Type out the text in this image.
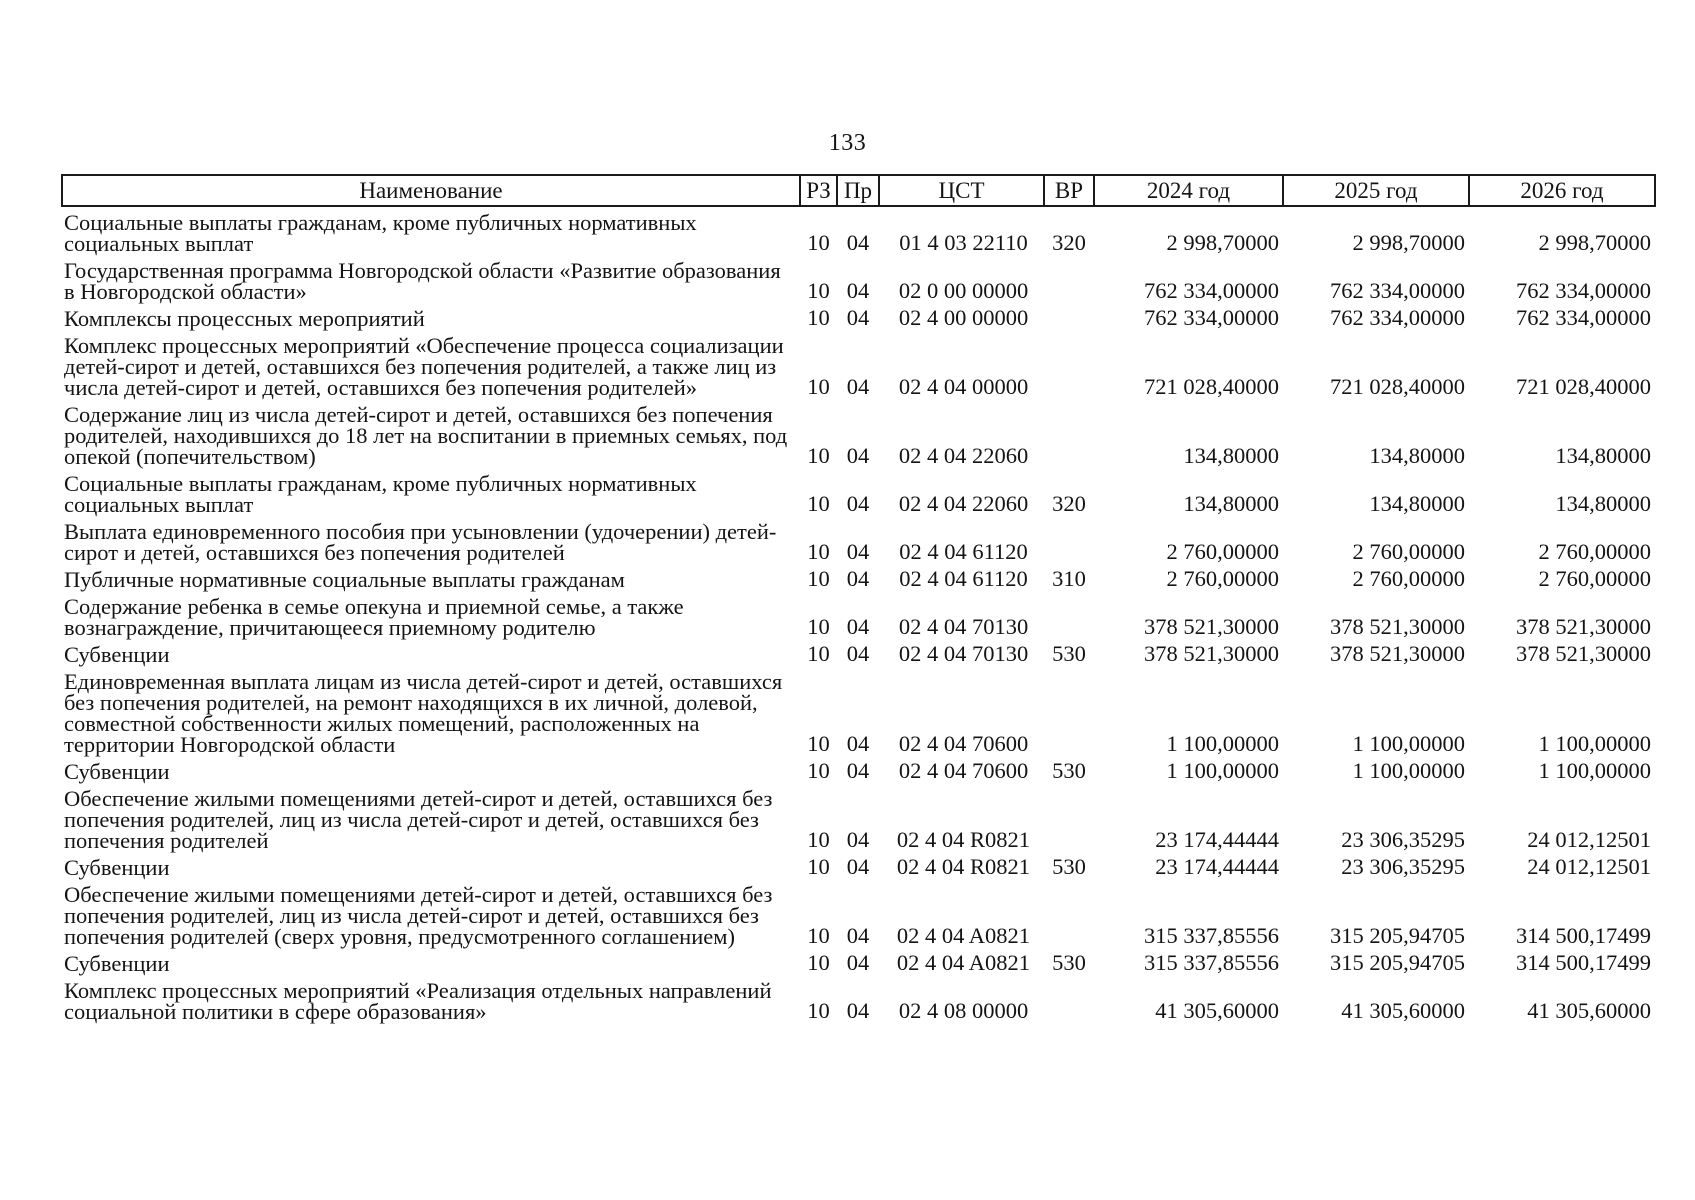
133
Наименование	РЗ	Пр	ЦСТ	ВР	2024 год	2025 год	2026 год
Социальные выплаты гражданам, кроме публичных нормативных социальных выплат	10	04	01 4 03 22110	320	2 998,70000	2 998,70000	2 998,70000
Государственная программа Новгородской области «Развитие образования в Новгородской области»	10	04	02 0 00 00000		762 334,00000	762 334,00000	762 334,00000
Комплексы процессных мероприятий	10	04	02 4 00 00000		762 334,00000	762 334,00000	762 334,00000
Комплекс процессных мероприятий «Обеспечение процесса социализации детей-сирот и детей, оставшихся без попечения родителей, а также лиц из числа детей-сирот и детей, оставшихся без попечения родителей»	10	04	02 4 04 00000		721 028,40000	721 028,40000	721 028,40000
Содержание лиц из числа детей-сирот и детей, оставшихся без попечения родителей, находившихся до 18 лет на воспитании в приемных семьях, под опекой (попечительством)	10	04	02 4 04 22060		134,80000	134,80000	134,80000
Социальные выплаты гражданам, кроме публичных нормативных социальных выплат	10	04	02 4 04 22060	320	134,80000	134,80000	134,80000
Выплата единовременного пособия при усыновлении (удочерении) детей-сирот и детей, оставшихся без попечения родителей	10	04	02 4 04 61120		2 760,00000	2 760,00000	2 760,00000
Публичные нормативные социальные выплаты гражданам	10	04	02 4 04 61120	310	2 760,00000	2 760,00000	2 760,00000
Содержание ребенка в семье опекуна и приемной семье, а также вознаграждение, причитающееся приемному родителю	10	04	02 4 04 70130		378 521,30000	378 521,30000	378 521,30000
Субвенции	10	04	02 4 04 70130	530	378 521,30000	378 521,30000	378 521,30000
Единовременная выплата лицам из числа детей-сирот и детей, оставшихся без попечения родителей, на ремонт находящихся в их личной, долевой, совместной собственности жилых помещений, расположенных на территории Новгородской области	10	04	02 4 04 70600		1 100,00000	1 100,00000	1 100,00000
Субвенции	10	04	02 4 04 70600	530	1 100,00000	1 100,00000	1 100,00000
Обеспечение жилыми помещениями детей-сирот и детей, оставшихся без попечения родителей, лиц из числа детей-сирот и детей, оставшихся без попечения родителей	10	04	02 4 04 R0821		23 174,44444	23 306,35295	24 012,12501
Субвенции	10	04	02 4 04 R0821	530	23 174,44444	23 306,35295	24 012,12501
Обеспечение жилыми помещениями детей-сирот и детей, оставшихся без попечения родителей, лиц из числа детей-сирот и детей, оставшихся без попечения родителей (сверх уровня, предусмотренного соглашением)	10	04	02 4 04 A0821		315 337,85556	315 205,94705	314 500,17499
Субвенции	10	04	02 4 04 A0821	530	315 337,85556	315 205,94705	314 500,17499
Комплекс процессных мероприятий «Реализация отдельных направлений социальной политики в сфере образования»	10	04	02 4 08 00000		41 305,60000	41 305,60000	41 305,60000
